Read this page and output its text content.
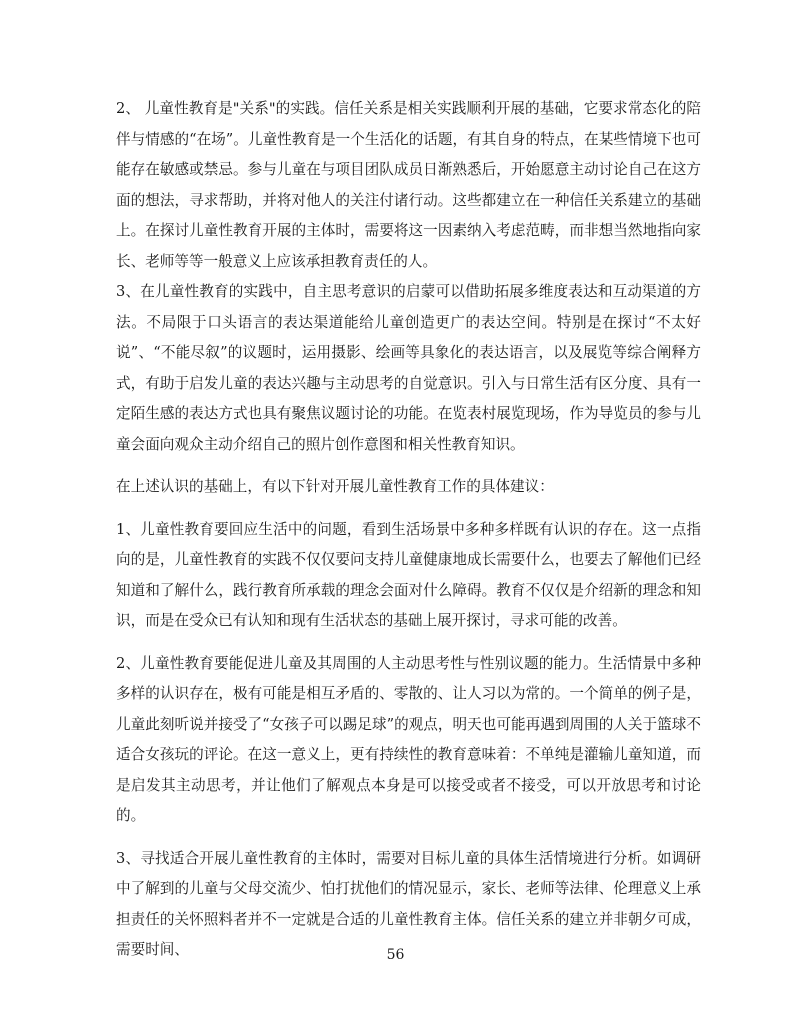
2、 儿童性教育是"关系"的实践。信任关系是相关实践顺利开展的基础，它要求常态化的陪伴与情感的“在场”。儿童性教育是一个生活化的话题，有其自身的特点，在某些情境下也可能存在敏感或禁忌。参与儿童在与项目团队成员日渐熟悉后，开始愿意主动讨论自己在这方面的想法，寻求帮助，并将对他人的关注付诸行动。这些都建立在一种信任关系建立的基础上。在探讨儿童性教育开展的主体时，需要将这一因素纳入考虑范畴，而非想当然地指向家长、老师等等一般意义上应该承担教育责任的人。

3、在儿童性教育的实践中，自主思考意识的启蒙可以借助拓展多维度表达和互动渠道的方法。不局限于口头语言的表达渠道能给儿童创造更广的表达空间。特别是在探讨“不太好说”、“不能尽叙”的议题时，运用摄影、绘画等具象化的表达语言，以及展览等综合阐释方式，有助于启发儿童的表达兴趣与主动思考的自觉意识。引入与日常生活有区分度、具有一定陌生感的表达方式也具有聚焦议题讨论的功能。在览表村展览现场，作为导览员的参与儿童会面向观众主动介绍自己的照片创作意图和相关性教育知识。

在上述认识的基础上，有以下针对开展儿童性教育工作的具体建议：

1、儿童性教育要回应生活中的问题，看到生活场景中多种多样既有认识的存在。这一点指向的是，儿童性教育的实践不仅仅要问支持儿童健康地成长需要什么，也要去了解他们已经知道和了解什么，践行教育所承载的理念会面对什么障碍。教育不仅仅是介绍新的理念和知识，而是在受众已有认知和现有生活状态的基础上展开探讨，寻求可能的改善。

2、儿童性教育要能促进儿童及其周围的人主动思考性与性别议题的能力。生活情景中多种多样的认识存在，极有可能是相互矛盾的、零散的、让人习以为常的。一个简单的例子是，儿童此刻听说并接受了“女孩子可以踢足球”的观点，明天也可能再遇到周围的人关于篮球不适合女孩玩的评论。在这一意义上，更有持续性的教育意味着：不单纯是灌输儿童知道，而是启发其主动思考，并让他们了解观点本身是可以接受或者不接受，可以开放思考和讨论的。

3、寻找适合开展儿童性教育的主体时，需要对目标儿童的具体生活情境进行分析。如调研中了解到的儿童与父母交流少、怕打扰他们的情况显示，家长、老师等法律、伦理意义上承担责任的关怀照料者并不一定就是合适的儿童性教育主体。信任关系的建立并非朝夕可成，需要时间、	56
